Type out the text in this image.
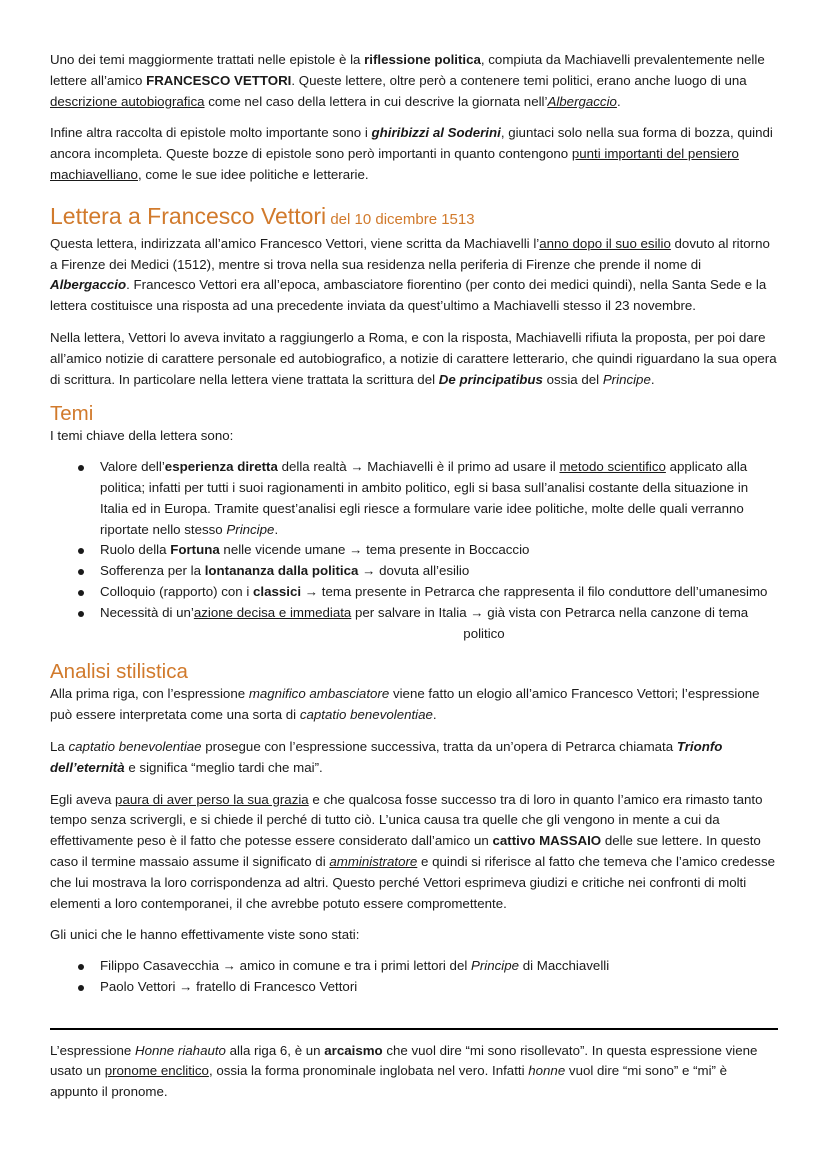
Uno dei temi maggiormente trattati nelle epistole è la riflessione politica, compiuta da Machiavelli prevalentemente nelle lettere all’amico FRANCESCO VETTORI. Queste lettere, oltre però a contenere temi politici, erano anche luogo di una descrizione autobiografica come nel caso della lettera in cui descrive la giornata nell’Albergaccio.

Infine altra raccolta di epistole molto importante sono i ghiribizzi al Soderini, giuntaci solo nella sua forma di bozza, quindi ancora incompleta. Queste bozze di epistole sono però importanti in quanto contengono punti importanti del pensiero machiavelliano, come le sue idee politiche e letterarie.

Lettera a Francesco Vettori del 10 dicembre 1513

Questa lettera, indirizzata all’amico Francesco Vettori, viene scritta da Machiavelli l’anno dopo il suo esilio dovuto al ritorno a Firenze dei Medici (1512), mentre si trova nella sua residenza nella periferia di Firenze che prende il nome di Albergaccio. Francesco Vettori era all’epoca, ambasciatore fiorentino (per conto dei medici quindi), nella Santa Sede e la lettera costituisce una risposta ad una precedente inviata da quest’ultimo a Machiavelli stesso il 23 novembre.

Nella lettera, Vettori lo aveva invitato a raggiungerlo a Roma, e con la risposta, Machiavelli rifiuta la proposta, per poi dare all’amico notizie di carattere personale ed autobiografico, a notizie di carattere letterario, che quindi riguardano la sua opera di scrittura. In particolare nella lettera viene trattata la scrittura del De principatibus ossia del Principe.

Temi

I temi chiave della lettera sono:

Valore dell’esperienza diretta della realtà → Machiavelli è il primo ad usare il metodo scientifico applicato alla politica; infatti per tutti i suoi ragionamenti in ambito politico, egli si basa sull’analisi costante della situazione in Italia ed in Europa. Tramite quest’analisi egli riesce a formulare varie idee politiche, molte delle quali verranno riportate nello stesso Principe.
Ruolo della Fortuna nelle vicende umane → tema presente in Boccaccio
Sofferenza per la lontananza dalla politica → dovuta all’esilio
Colloquio (rapporto) con i classici → tema presente in Petrarca che rappresenta il filo conduttore dell’umanesimo
Necessità di un’azione decisa e immediata per salvare in Italia → già vista con Petrarca nella canzone di tema
politico
Analisi stilistica

Alla prima riga, con l’espressione magnifico ambasciatore viene fatto un elogio all’amico Francesco Vettori; l’espressione può essere interpretata come una sorta di captatio benevolentiae.

La captatio benevolentiae prosegue con l’espressione successiva, tratta da un’opera di Petrarca chiamata Trionfo dell’eternità e significa “meglio tardi che mai”.

Egli aveva paura di aver perso la sua grazia e che qualcosa fosse successo tra di loro in quanto l’amico era rimasto tanto tempo senza scrivergli, e si chiede il perché di tutto ciò. L’unica causa tra quelle che gli vengono in mente a cui da effettivamente peso è il fatto che potesse essere considerato dall’amico un cattivo MASSAIO delle sue lettere. In questo caso il termine massaio assume il significato di amministratore e quindi si riferisce al fatto che temeva che l’amico credesse che lui mostrava la loro corrispondenza ad altri. Questo perché Vettori esprimeva giudizi e critiche nei confronti di molti elementi a loro contemporanei, il che avrebbe potuto essere compromettente.

Gli unici che le hanno effettivamente viste sono stati:

Filippo Casavecchia → amico in comune e tra i primi lettori del Principe di Macchiavelli
Paolo Vettori → fratello di Francesco Vettori

L’espressione Honne riahauto alla riga 6, è un arcaismo che vuol dire “mi sono risollevato”. In questa espressione viene usato un pronome enclitico, ossia la forma pronominale inglobata nel vero. Infatti honne vuol dire “mi sono” e “mi” è appunto il pronome.
